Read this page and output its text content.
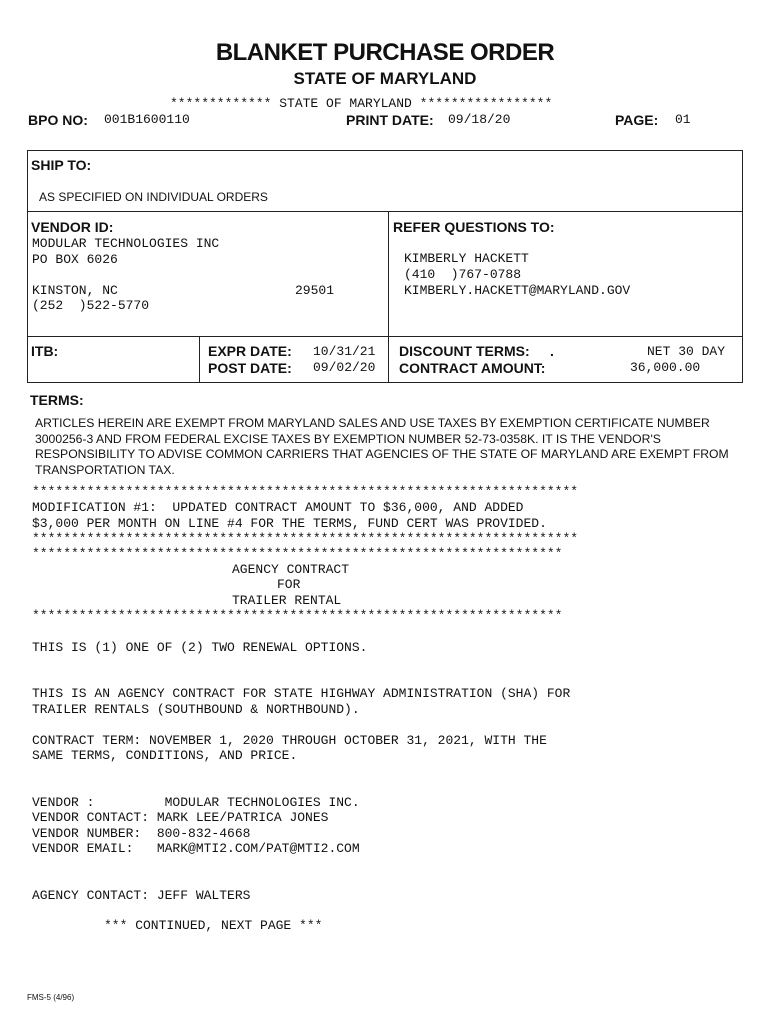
BLANKET PURCHASE ORDER
STATE OF MARYLAND
************* STATE OF MARYLAND *****************
BPO NO: 001B1600110	PRINT DATE: 09/18/20	PAGE: 01
SHIP TO:
AS SPECIFIED ON INDIVIDUAL ORDERS
VENDOR ID:
MODULAR TECHNOLOGIES INC
PO BOX 6026
KINSTON, NC	29501
(252  )522-5770
REFER QUESTIONS TO:
KIMBERLY HACKETT
(410  )767-0788
KIMBERLY.HACKETT@MARYLAND.GOV
ITB:	EXPR DATE: 10/31/21
POST DATE: 09/02/20
DISCOUNT TERMS: .	NET 30 DAY
CONTRACT AMOUNT:	36,000.00
TERMS:
ARTICLES HEREIN ARE EXEMPT FROM MARYLAND SALES AND USE TAXES BY EXEMPTION CERTIFICATE NUMBER 3000256-3 AND FROM FEDERAL EXCISE TAXES BY EXEMPTION NUMBER 52-73-0358K. IT IS THE VENDOR'S RESPONSIBILITY TO ADVISE COMMON CARRIERS THAT AGENCIES OF THE STATE OF MARYLAND ARE EXEMPT FROM TRANSPORTATION TAX.
**********************************************************************
MODIFICATION #1:  UPDATED CONTRACT AMOUNT TO $36,000, AND ADDED
$3,000 PER MONTH ON LINE #4 FOR THE TERMS, FUND CERT WAS PROVIDED.
**********************************************************************
********************************************************************
AGENCY CONTRACT
FOR
TRAILER RENTAL
********************************************************************
THIS IS (1) ONE OF (2) TWO RENEWAL OPTIONS.
THIS IS AN AGENCY CONTRACT FOR STATE HIGHWAY ADMINISTRATION (SHA) FOR
TRAILER RENTALS (SOUTHBOUND & NORTHBOUND).
CONTRACT TERM: NOVEMBER 1, 2020 THROUGH OCTOBER 31, 2021, WITH THE
SAME TERMS, CONDITIONS, AND PRICE.
VENDOR :         MODULAR TECHNOLOGIES INC.
VENDOR CONTACT: MARK LEE/PATRICA JONES
VENDOR NUMBER:  800-832-4668
VENDOR EMAIL:   MARK@MTI2.COM/PAT@MTI2.COM
AGENCY CONTACT: JEFF WALTERS
*** CONTINUED, NEXT PAGE ***
FMS-5 (4/96)
